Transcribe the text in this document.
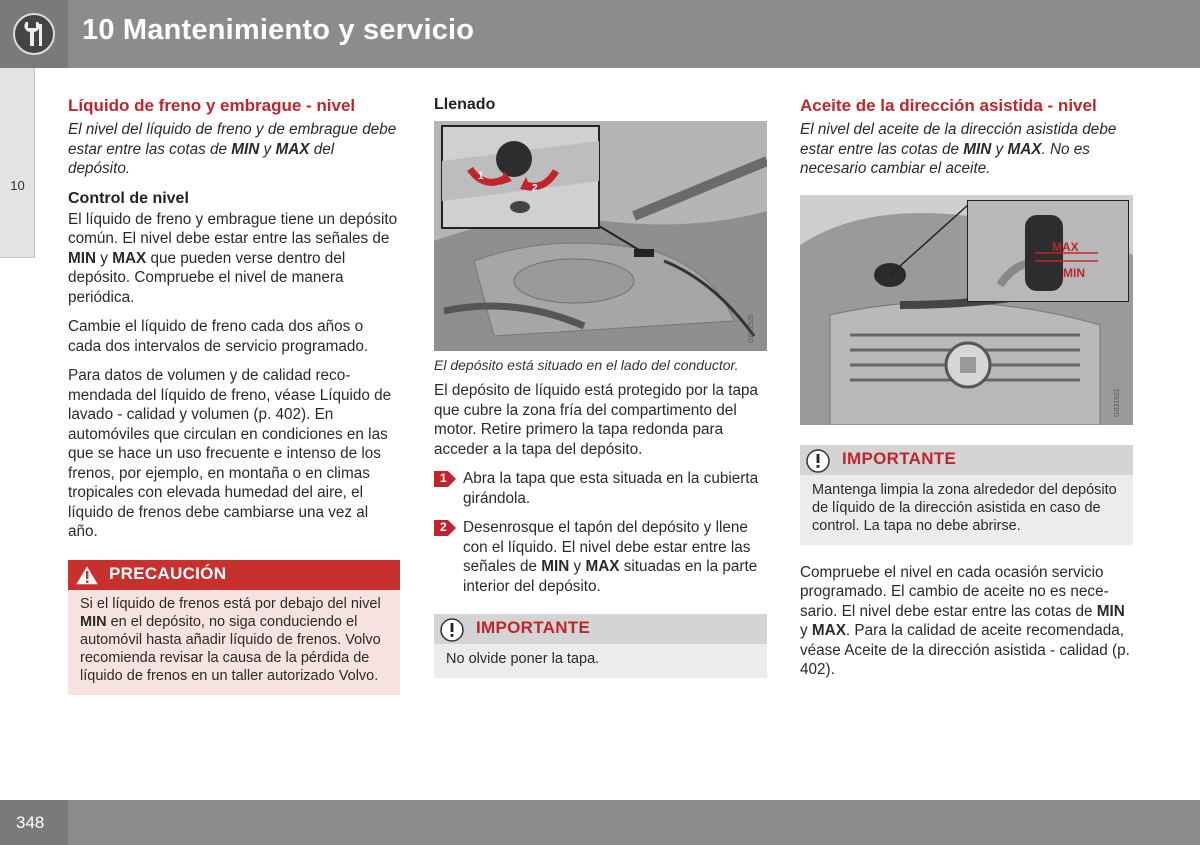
10 Mantenimiento y servicio
10
Líquido de freno y embrague - nivel

El nivel del líquido de freno y de embrague debe estar entre las cotas de MIN y MAX del depósito.

Control de nivel

El líquido de freno y embrague tiene un depósito común. El nivel debe estar entre las señales de MIN y MAX que pueden verse dentro del depósito. Compruebe el nivel de manera periódica.

Cambie el líquido de freno cada dos años o cada dos intervalos de servicio programado.

Para datos de volumen y de calidad recomendada del líquido de freno, véase Líquido de lavado - calidad y volumen (p. 402). En automóviles que circulan en condiciones en las que se hace un uso frecuente e intenso de los frenos, por ejemplo, en montaña o en climas tropicales con elevada humedad del aire, el líquido de frenos debe cambiarse una vez al año.

PRECAUCIÓN
Si el líquido de frenos está por debajo del nivel MIN en el depósito, no siga conduciendo el automóvil hasta añadir líquido de frenos. Volvo recomienda revisar la causa de la pérdida de líquido de frenos en un taller autorizado Volvo.
Llenado
1
2
G031920
El depósito está situado en el lado del conductor.

El depósito de líquido está protegido por la tapa que cubre la zona fría del compartimento del motor. Retire primero la tapa redonda para acceder a la tapa del depósito.

1 Abra la tapa que esta situada en la cubierta girándola.

2 Desenrosque el tapón del depósito y llene con el líquido. El nivel debe estar entre las señales de MIN y MAX situadas en la parte interior del depósito.

IMPORTANTE
No olvide poner la tapa.
Aceite de la dirección asistida - nivel

El nivel del aceite de la dirección asistida debe estar entre las cotas de MIN y MAX. No es necesario cambiar el aceite.

MAX
MIN
G031921
IMPORTANTE
Mantenga limpia la zona alrededor del depósito de líquido de la dirección asistida en caso de control. La tapa no debe abrirse.

Compruebe el nivel en cada ocasión servicio programado. El cambio de aceite no es necesario. El nivel debe estar entre las cotas de MIN y MAX. Para la calidad de aceite recomendada, véase Aceite de la dirección asistida - calidad (p. 402).

348
